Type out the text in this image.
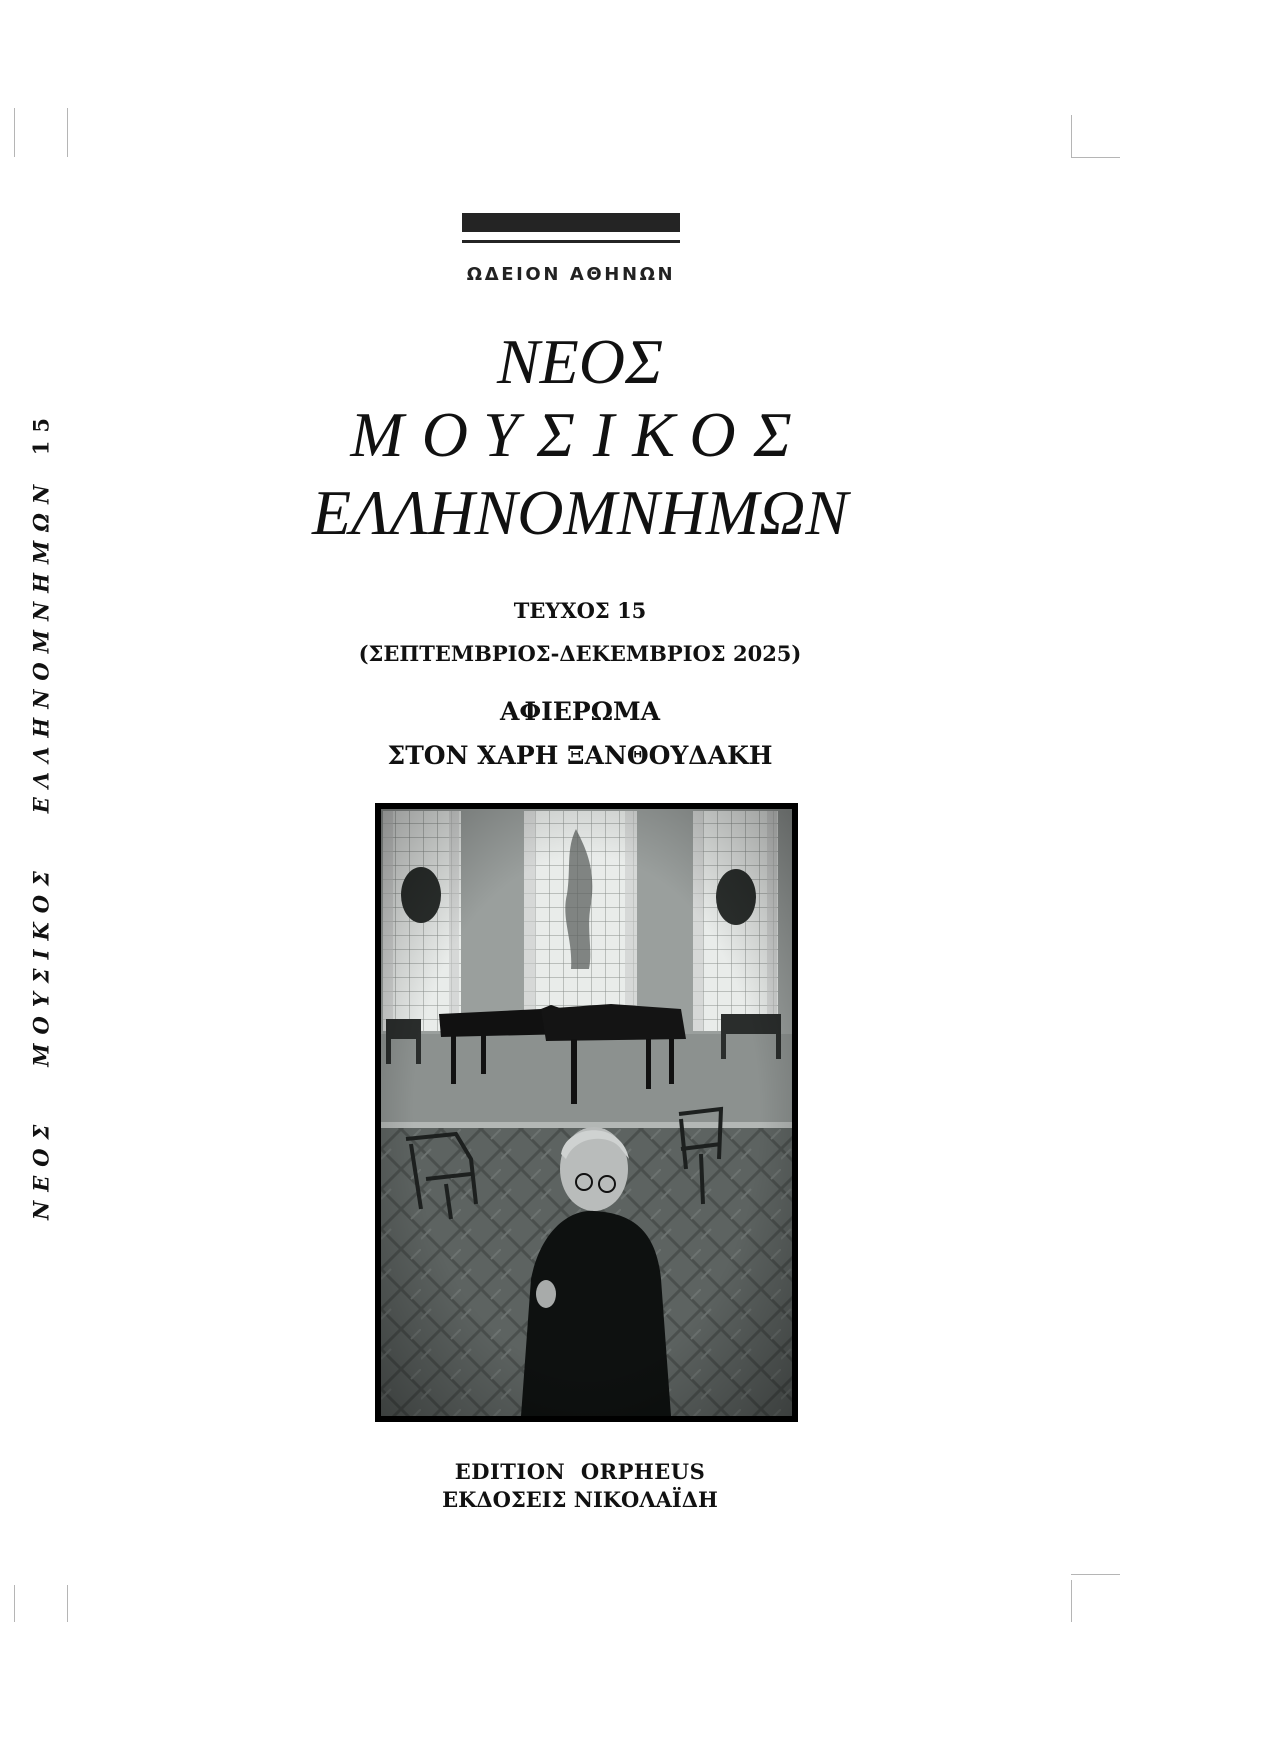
ΝΕΟΣ   ΜΟΥΣΙΚΟΣ   ΕΛΛΗΝΟΜΝΗΜΩΝ
15
ΩΔΕΙΟΝ ΑΘΗΝΩΝ
ΝΕΟΣ
ΜΟΥΣΙΚΟΣ
ΕΛΛΗΝΟΜΝΗΜΩΝ
ΤΕΥΧΟΣ 15
(ΣΕΠΤΕΜΒΡΙΟΣ-ΔΕΚΕΜΒΡΙΟΣ 2025)
ΑΦΙΕΡΩΜΑ
ΣΤΟΝ ΧΑΡΗ ΞΑΝΘΟΥΔΑΚΗ
EDITION  ORPHEUS
ΕΚΔΟΣΕΙΣ ΝΙΚΟΛΑΪΔΗ
